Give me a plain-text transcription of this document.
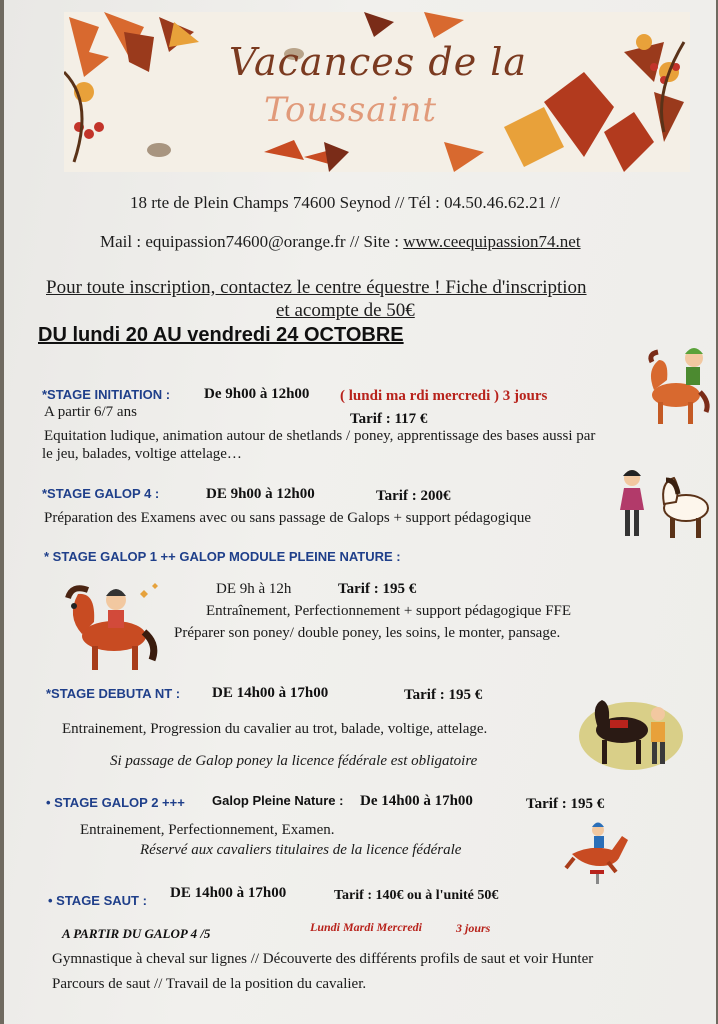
Vacances de la
Toussaint
18 rte de Plein Champs 74600 Seynod // Tél : 04.50.46.62.21 //
Mail : equipassion74600@orange.fr // Site : www.ceequipassion74.net
Pour toute inscription, contactez le centre équestre ! Fiche d'inscription
et acompte de 50€
DU lundi 20 AU vendredi 24 OCTOBRE
*STAGE INITIATION : De 9h00 à 12h00 ( lundi ma rdi mercredi ) 3 jours
A partir 6/7 ans	Tarif : 117 €
Equitation ludique, animation autour de shetlands / poney, apprentissage des bases aussi par
le jeu, balades, voltige attelage…
*STAGE GALOP 4 :	DE 9h00 à 12h00	Tarif : 200€
Préparation des Examens avec ou sans passage de Galops + support pédagogique
* STAGE GALOP 1 ++ GALOP MODULE PLEINE NATURE :
DE 9h à 12h	Tarif : 195 €
Entraînement, Perfectionnement + support pédagogique FFE
Préparer son poney/ double poney, les soins, le monter, pansage.
*STAGE DEBUTA NT : DE 14h00 à 17h00	Tarif : 195 €
Entrainement, Progression du cavalier au trot, balade, voltige, attelage.
Si passage de Galop poney la licence fédérale est obligatoire
• STAGE GALOP 2 +++ Galop Pleine Nature : De 14h00 à 17h00	Tarif : 195 €
Entrainement, Perfectionnement, Examen.
Réservé aux cavaliers titulaires de la licence fédérale
• STAGE SAUT : DE 14h00 à 17h00	Tarif : 140€ ou à l'unité 50€
A PARTIR DU GALOP 4 /5	Lundi Mardi Mercredi	3 jours
Gymnastique à cheval sur lignes // Découverte des différents profils de saut et voir Hunter
Parcours de saut // Travail de la position du cavalier.
